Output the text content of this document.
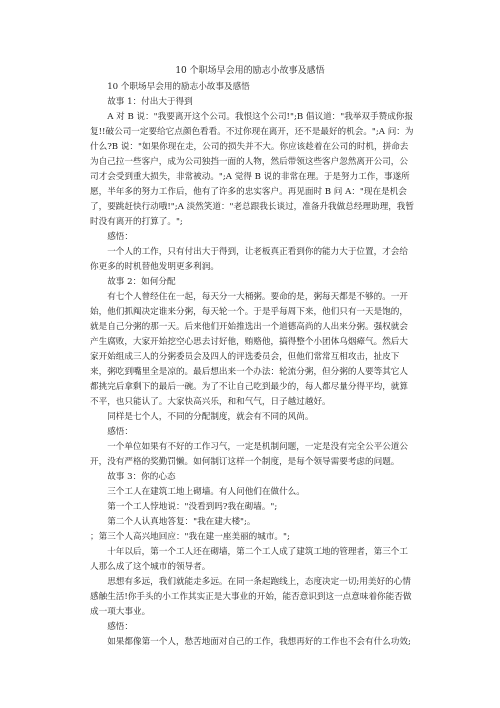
10 个职场早会用的励志小故事及感悟

10 个职场早会用的励志小故事及感悟

故事 1：付出大于得到

A 对 B 说："我要离开这个公司。我恨这个公司!";B 倡议道："我举双手赞成你报复!!破公司一定要给它点颜色看看。不过你现在离开，还不是最好的机会。";A 问：为什么?B 说："如果你现在走，公司的损失并不大。你应该趁着在公司的时机，拼命去为自己拉一些客户，成为公司独挡一面的人物，然后带领这些客户忽然离开公司，公司才会受到重大损失，非常被动。";A 觉得 B 说的非常在理。于是努力工作，事遂所愿，半年多的努力工作后，他有了许多的忠实客户。再见面时 B 问 A："现在是机会了，要跳赶快行动哦!";A 淡然笑道："老总跟我长谈过，准备升我做总经理助理，我暂时没有离开的打算了。";

感悟：

一个人的工作，只有付出大于得到，让老板真正看到你的能力大于位置，才会给你更多的时机替他发明更多利润。

故事 2：如何分配

有七个人曾经住在一起，每天分一大桶粥。要命的是，粥每天都是不够的。一开始，他们抓阄决定谁来分粥，每天轮一个。于是乎每周下来，他们只有一天是饱的，就是自己分粥的那一天。后来他们开始推选出一个道德高尚的人出来分粥。强权就会产生腐败，大家开始挖空心思去讨好他，贿赂他，搞得整个小团体乌烟瘴气。然后大家开始组成三人的分粥委员会及四人的评选委员会，但他们常常互相攻击，扯皮下来，粥吃到嘴里全是凉的。最后想出来一个办法：轮流分粥，但分粥的人要等其它人都挑完后拿剩下的最后一碗。为了不让自己吃到最少的，每人都尽量分得平均，就算不平，也只能认了。大家快高兴乐，和和气气，日子越过越好。

同样是七个人，不同的分配制度，就会有不同的风尚。

感悟：

一个单位如果有不好的工作习气，一定是机制问题，一定是没有完全公平公道公开，没有严格的奖勤罚懒。如何制订这样一个制度，是每个领导需要考虑的问题。

故事 3：你的心态

三个工人在建筑工地上砌墙。有人问他们在做什么。

第一个工人悖地说："没看到吗?我在砌墙。";

第二个人认真地答复："我在建大楼";。

；第三个人高兴地回应："我在建一座美丽的城市。";

十年以后，第一个工人还在砌墙，第二个工人成了建筑工地的管理者，第三个工人那么成了这个城市的领导者。

思想有多远，我们就能走多远。在同一条起跑线上，态度决定一切;用美好的心情感触生活!你手头的小工作其实正是大事业的开始，能否意识到这一点意味着你能否做成一项大事业。

感悟：

如果都像第一个人，愁苦地面对自己的工作，我想再好的工作也不会有什么功效;
